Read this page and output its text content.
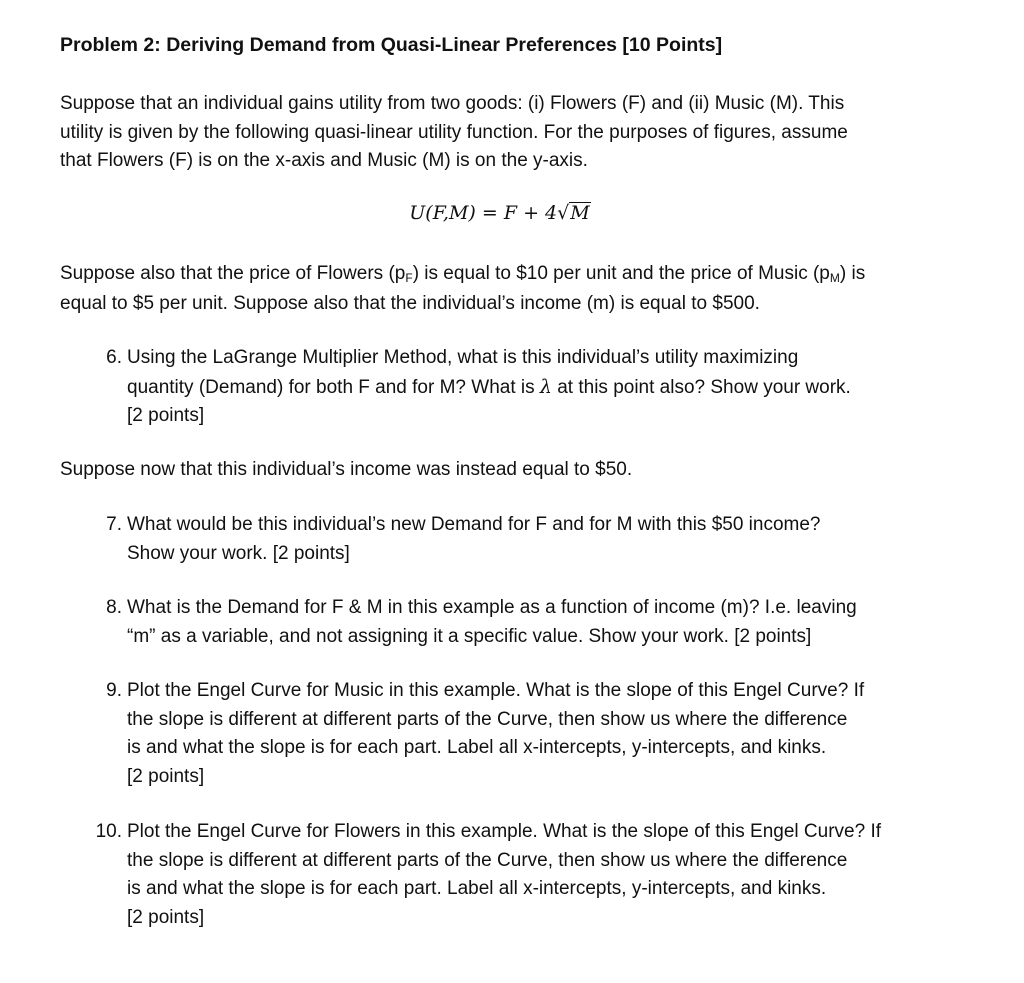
Problem 2: Deriving Demand from Quasi-Linear Preferences [10 Points]
Suppose that an individual gains utility from two goods: (i) Flowers (F) and (ii) Music (M). This
utility is given by the following quasi-linear utility function. For the purposes of figures, assume
that Flowers (F) is on the x-axis and Music (M) is on the y-axis.
U(F,M) = F + 4√M
Suppose also that the price of Flowers (pF) is equal to $10 per unit and the price of Music (pM) is
equal to $5 per unit. Suppose also that the individual’s income (m) is equal to $500.
6. Using the LaGrange Multiplier Method, what is this individual’s utility maximizing
quantity (Demand) for both F and for M? What is λ at this point also? Show your work.
[2 points]
Suppose now that this individual’s income was instead equal to $50.
7. What would be this individual’s new Demand for F and for M with this $50 income?
Show your work. [2 points]
8. What is the Demand for F & M in this example as a function of income (m)? I.e. leaving
“m” as a variable, and not assigning it a specific value. Show your work. [2 points]
9. Plot the Engel Curve for Music in this example. What is the slope of this Engel Curve? If
the slope is different at different parts of the Curve, then show us where the difference
is and what the slope is for each part. Label all x-intercepts, y-intercepts, and kinks.
[2 points]
10. Plot the Engel Curve for Flowers in this example. What is the slope of this Engel Curve? If
the slope is different at different parts of the Curve, then show us where the difference
is and what the slope is for each part. Label all x-intercepts, y-intercepts, and kinks.
[2 points]
